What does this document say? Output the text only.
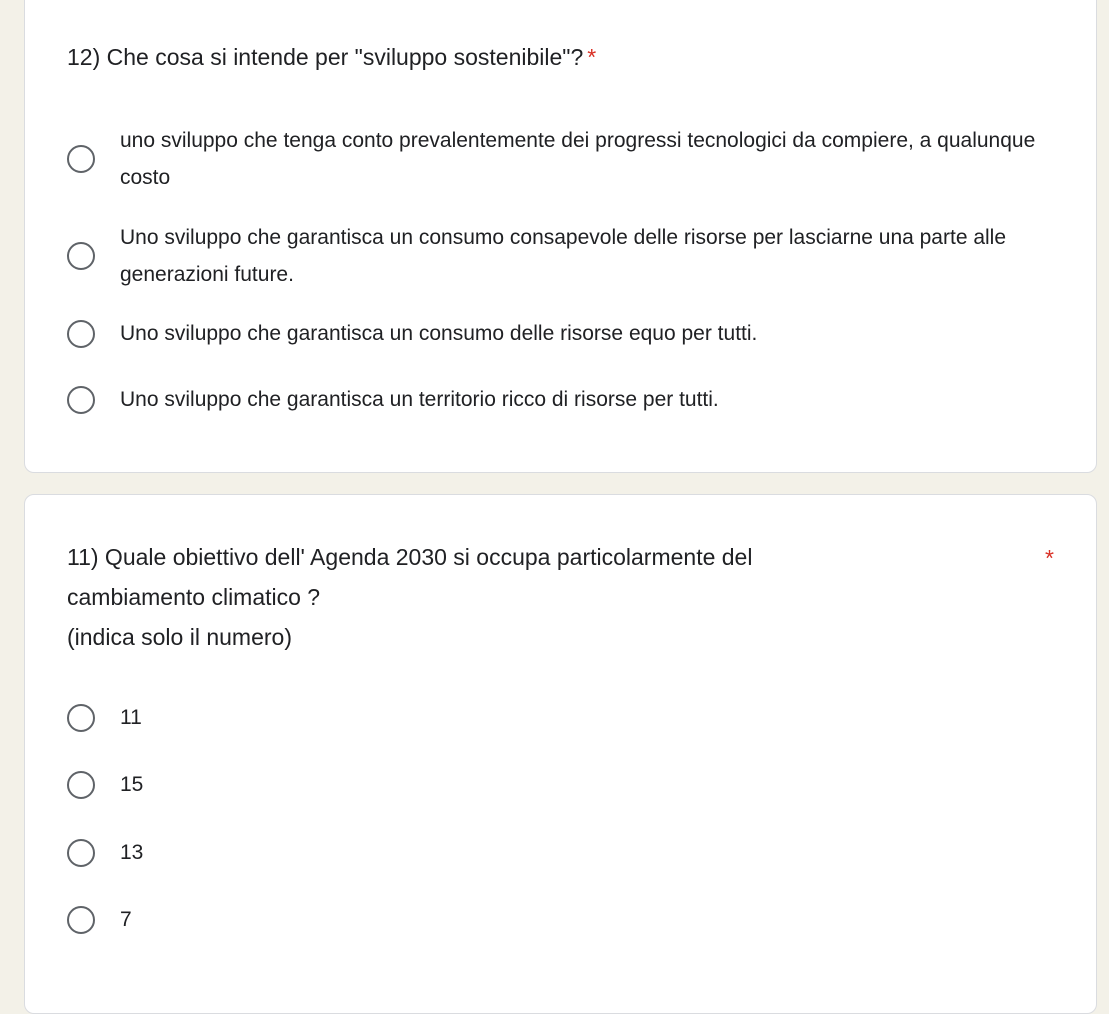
12) Che cosa si intende per "sviluppo sostenibile"? *
uno sviluppo che tenga conto prevalentemente dei progressi tecnologici da compiere, a qualunque costo
Uno sviluppo che garantisca un consumo consapevole delle risorse per lasciarne una parte alle generazioni future.
Uno sviluppo che garantisca un consumo delle risorse equo per tutti.
Uno sviluppo che garantisca un territorio ricco di risorse per tutti.
11) Quale obiettivo dell' Agenda 2030 si occupa particolarmente del
cambiamento climatico ?
(indica solo il numero)
*
11
15
13
7
